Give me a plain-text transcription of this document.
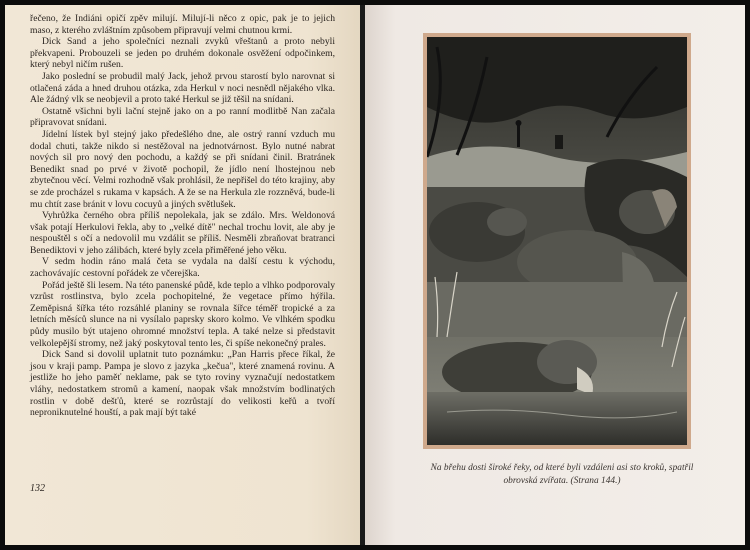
řečeno, že Indiáni opičí zpěv milují. Milují-li něco z opic, pak je to jejich maso, z kterého zvláštním způsobem připravují velmi chutnou krmi.

Dick Sand a jeho společníci neznali zvyků vřeštanů a proto nebyli překvapeni. Probouzeli se jeden po druhém dokonale osvěžení odpočinkem, který nebyl ničím rušen.

Jako poslední se probudil malý Jack, jehož prvou starostí bylo narovnat si otlačená záda a hned druhou otázka, zda Herkul v noci nesnědl nějakého vlka. Ale žádný vlk se neobjevil a proto také Herkul se již těšil na snídani.

Ostatně všichni byli lační stejně jako on a po ranní modlitbě Nan začala připravovat snídani.

Jídelní lístek byl stejný jako předešlého dne, ale ostrý ranní vzduch mu dodal chuti, takže nikdo si nestěžoval na jednotvárnost. Bylo nutné nabrat nových sil pro nový den pochodu, a každý se při snídani činil. Bratránek Benedikt snad po prvé v životě pochopil, že jídlo není lhostejnou neb zbytečnou věcí. Velmi rozhodně však prohlásil, že nepřišel do této krajiny, aby se zde procházel s rukama v kapsách. A že se na Herkula zle rozzněvá, bude-li mu chtít zase bránit v lovu cocuyů a jiných světlušek.

Vyhrůžka černého obra příliš nepolekala, jak se zdálo. Mrs. Weldonová však potají Herkulovi řekla, aby to „velké dítě" nechal trochu lovit, ale aby je nespouštěl s očí a nedovolil mu vzdálit se příliš. Nesměli zbraňovat bratranci Benediktovi v jeho zálibách, které byly zcela přiměřené jeho věku.

V sedm hodin ráno malá četa se vydala na další cestu k východu, zachovávajíc cestovní pořádek ze včerejška.

Pořád ještě šli lesem. Na této panenské půdě, kde teplo a vlhko podporovaly vzrůst rostlinstva, bylo zcela pochopitelné, že vegetace přímo hýřila. Zeměpisná šířka této rozsáhlé planiny se rovnala šířce téměř tropické a za letních měsíců slunce na ni vysílalo paprsky skoro kolmo. Ve vlhkém spodku půdy musilo být utajeno ohromné množství tepla. A také nelze si představit velkolepější stromy, než jaký poskytoval tento les, či spíše nekonečný prales.

Dick Sand si dovolil uplatnit tuto poznámku: „Pan Harris přece říkal, že jsou v kraji pamp. Pampa je slovo z jazyka „kečua", které znamená rovinu. A jestliže ho jeho paměť neklame, pak se tyto roviny vyznačují nedostatkem vláhy, nedostatkem stromů a kamení, naopak však množstvím bodlinatých rostlin v době dešťů, které se rozrůstají do velikosti keřů a tvoří neproniknutelné houští, a pak mají být také

132

Na břehu dosti široké řeky, od které byli vzdáleni asi sto kroků, spatřil obrovská zvířata. (Strana 144.)
